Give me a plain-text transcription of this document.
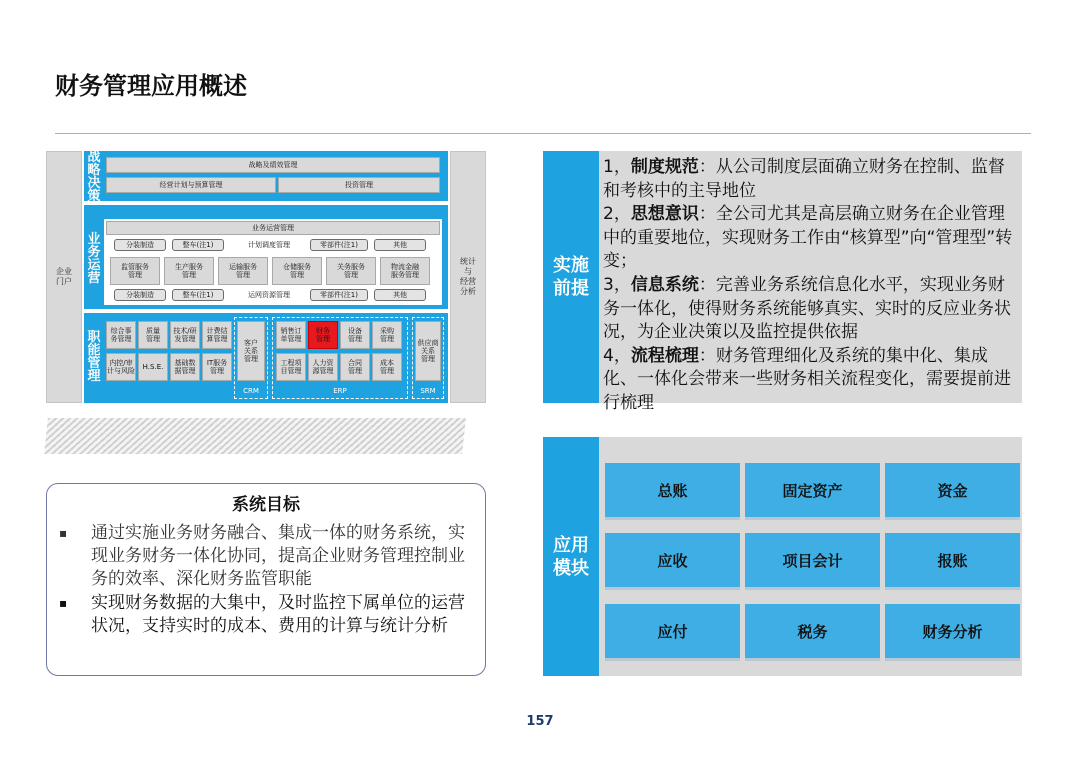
财务管理应用概述
企业
门户
战略决策
战略及绩效管理
经营计划与预算管理	投资管理
业务运营
业务运营管理
分装制造	整车(注1)	计划调度管理	零部件(注1)	其他
监管服务
管理
生产服务
管理
运输服务
管理
仓储服务
管理
关务服务
管理
物流金融
服务管理
分装制造	整车(注1)	运网资源管理	零部件(注1)	其他
职能管理
综合事
务管理
质量
管理
技术/研
发管理
计费结
算管理
内控/审
计与风险	H.S.E.	基础数
据管理
IT服务
管理
客户
关系
管理
CRM
销售订
单管理
财务
管理
设备
管理
采购
管理
工程项
目管理
人力资
源管理
合同
管理
成本
管理
ERP
供应商
关系
管理
SRM
统计
与
经营
分析
系统目标
▪	通过实施业务财务融合、集成一体的财务系统，实现业务财务一体化协同，提高企业财务管理控制业务的效率、深化财务监管职能
▪	实现财务数据的大集中，及时监控下属单位的运营状况，支持实时的成本、费用的计算与统计分析
实施
前提

1，制度规范：从公司制度层面确立财务在控制、监督和考核中的主导地位

2，思想意识：全公司尤其是高层确立财务在企业管理中的重要地位，实现财务工作由“核算型”向“管理型”转变；

3，信息系统：完善业务系统信息化水平，实现业务财务一体化，使得财务系统能够真实、实时的反应业务状况，为企业决策以及监控提供依据

4，流程梳理：财务管理细化及系统的集中化、集成化、一体化会带来一些财务相关流程变化，需要提前进行梳理

应用
模块
总账	固定资产	资金
应收	项目会计	报账
应付	税务	财务分析
157
